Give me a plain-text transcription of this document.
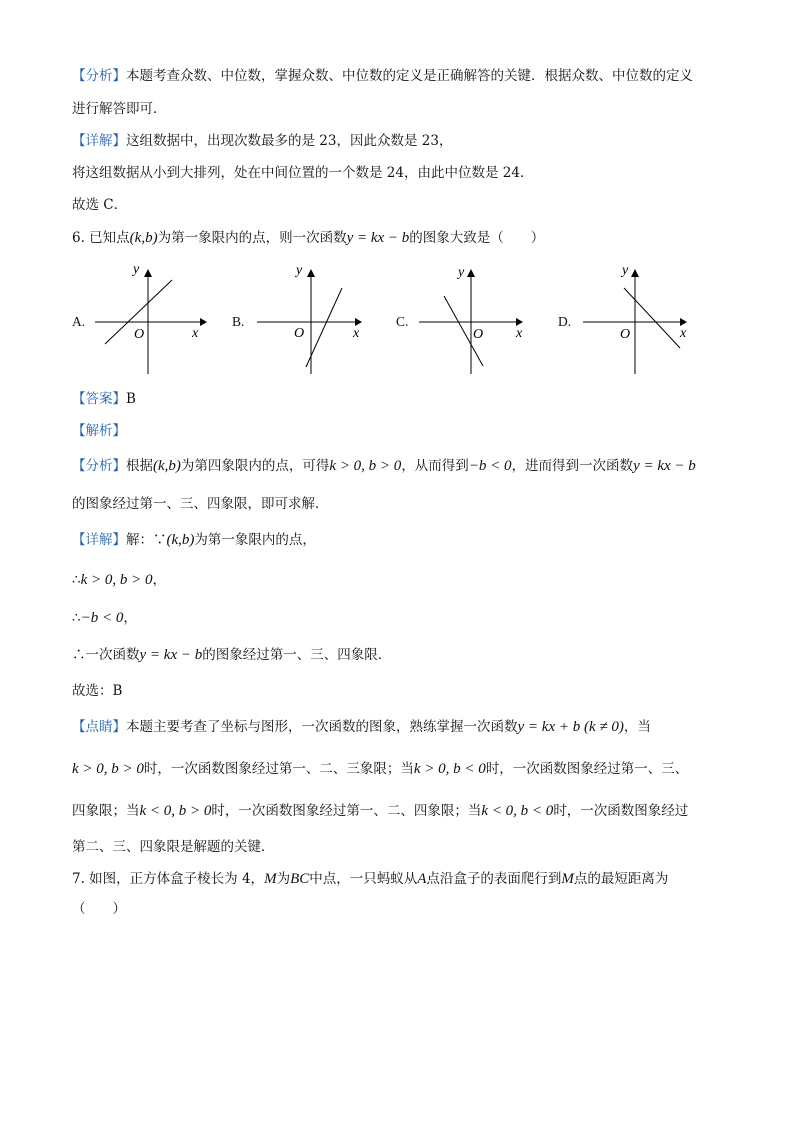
【分析】本题考查众数、中位数，掌握众数、中位数的定义是正确解答的关键．根据众数、中位数的定义
进行解答即可．
【详解】这组数据中，出现次数最多的是 23，因此众数是 23，
将这组数据从小到大排列，处在中间位置的一个数是 24，由此中位数是 24．
故选 C．
6. 已知点(k,b)为第一象限内的点，则一次函数y = kx − b的图象大致是（　　）
A.
y
x
O
B.
y
x
O
C.
y
x
O
D.
y
x
O
【答案】B
【解析】
【分析】根据(k,b)为第四象限内的点，可得k > 0, b > 0，从而得到−b < 0，进而得到一次函数y = kx − b
的图象经过第一、三、四象限，即可求解．
【详解】解：∵(k,b)为第一象限内的点，
∴k > 0, b > 0，
∴−b < 0，
∴一次函数y = kx − b的图象经过第一、三、四象限．
故选：B
【点睛】本题主要考查了坐标与图形，一次函数的图象，熟练掌握一次函数y = kx + b (k ≠ 0)，当
k > 0, b > 0时，一次函数图象经过第一、二、三象限；当k > 0, b < 0时，一次函数图象经过第一、三、
四象限；当k < 0, b > 0时，一次函数图象经过第一、二、四象限；当k < 0, b < 0时，一次函数图象经过
第二、三、四象限是解题的关键．
7. 如图，正方体盒子棱长为 4，M为BC中点，一只蚂蚁从A点沿盒子的表面爬行到M点的最短距离为
（　　）
